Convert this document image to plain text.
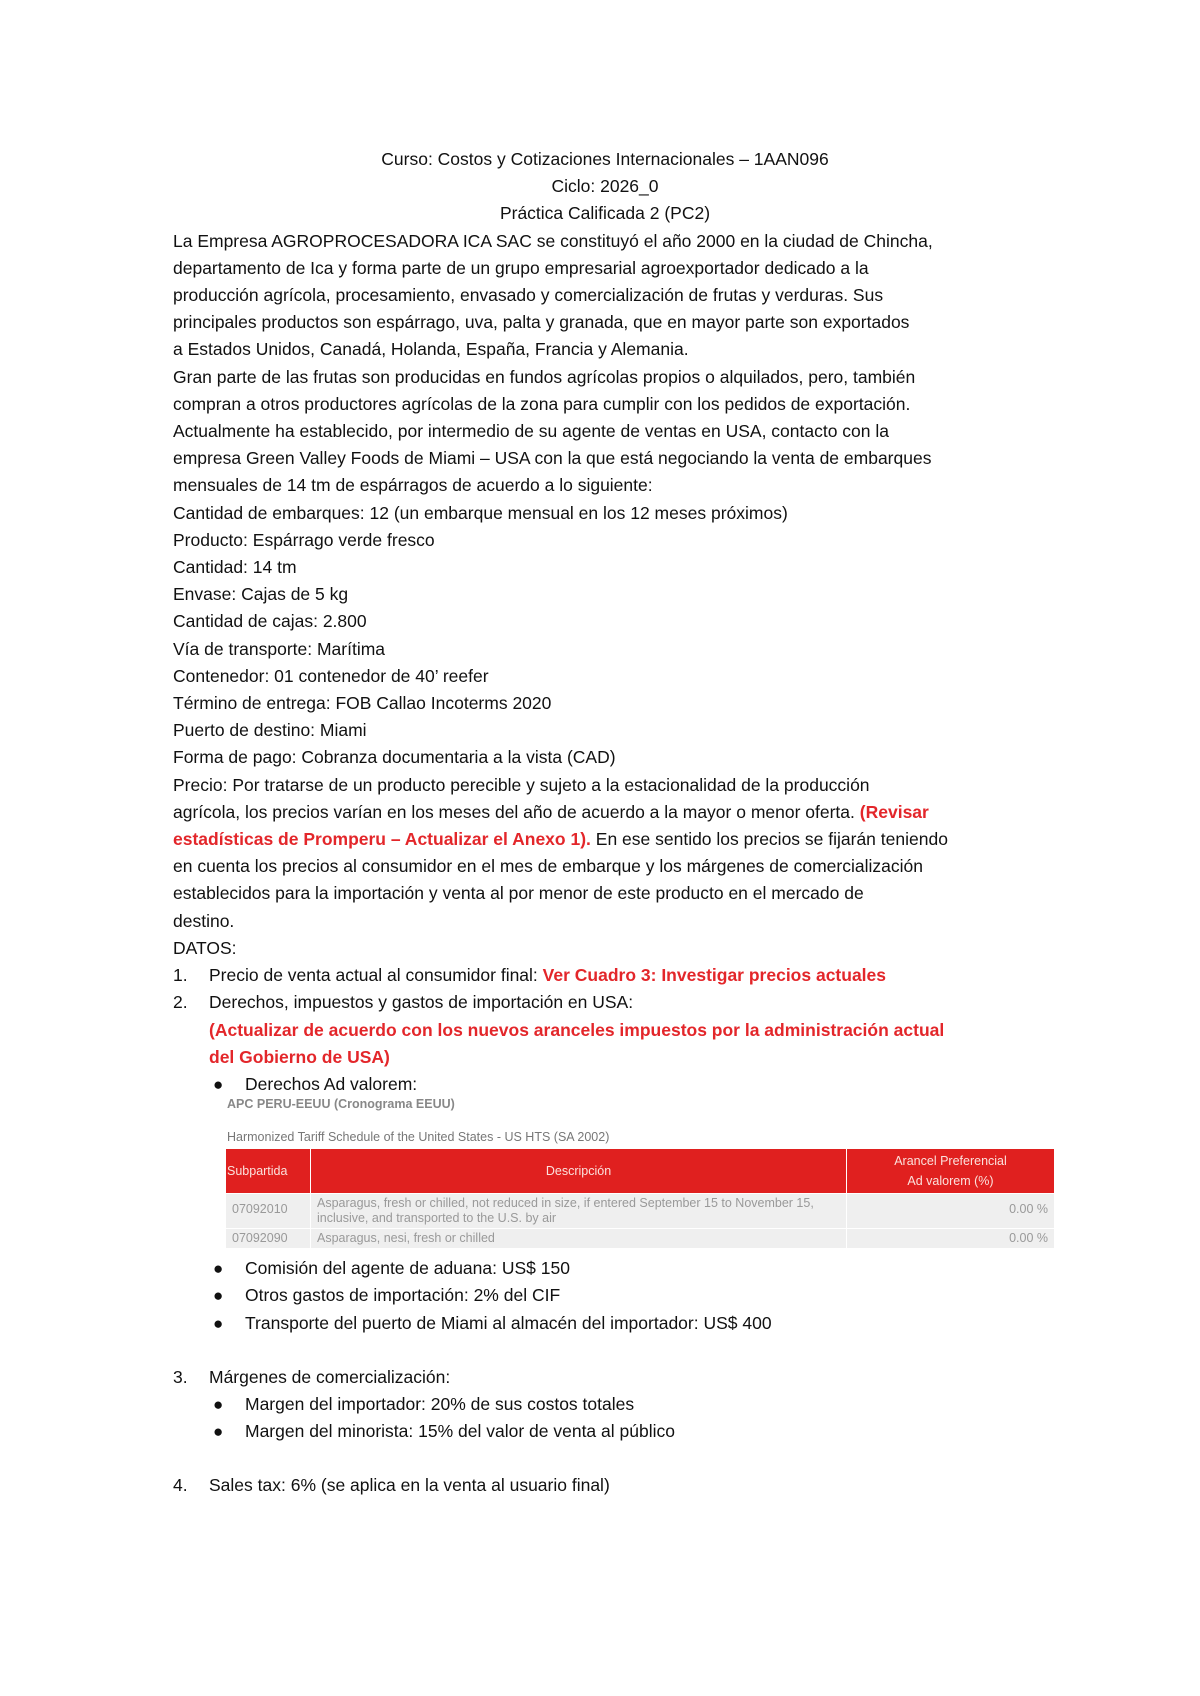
Curso: Costos y Cotizaciones Internacionales – 1AAN096
Ciclo: 2026_0
Práctica Calificada 2 (PC2)
La Empresa AGROPROCESADORA ICA SAC se constituyó el año 2000 en la ciudad de Chincha,
departamento de Ica y forma parte de un grupo empresarial agroexportador dedicado a la
producción agrícola, procesamiento, envasado y comercialización de frutas y verduras. Sus
principales productos son espárrago, uva, palta y granada, que en mayor parte son exportados
a Estados Unidos, Canadá, Holanda, España, Francia y Alemania.
Gran parte de las frutas son producidas en fundos agrícolas propios o alquilados, pero, también
compran a otros productores agrícolas de la zona para cumplir con los pedidos de exportación.
Actualmente ha establecido, por intermedio de su agente de ventas en USA, contacto con la
empresa Green Valley Foods de Miami – USA con la que está negociando la venta de embarques
mensuales de 14 tm de espárragos de acuerdo a lo siguiente:
Cantidad de embarques: 12 (un embarque mensual en los 12 meses próximos)
Producto: Espárrago verde fresco
Cantidad: 14 tm
Envase: Cajas de 5 kg
Cantidad de cajas: 2.800
Vía de transporte: Marítima
Contenedor: 01 contenedor de 40’ reefer
Término de entrega: FOB Callao Incoterms 2020
Puerto de destino: Miami
Forma de pago: Cobranza documentaria a la vista (CAD)
Precio: Por tratarse de un producto perecible y sujeto a la estacionalidad de la producción
agrícola, los precios varían en los meses del año de acuerdo a la mayor o menor oferta. (Revisar
estadísticas de Promperu – Actualizar el Anexo 1). En ese sentido los precios se fijarán teniendo
en cuenta los precios al consumidor en el mes de embarque y los márgenes de comercialización
establecidos para la importación y venta al por menor de este producto en el mercado de
destino.
DATOS:
1. Precio de venta actual al consumidor final: Ver Cuadro 3: Investigar precios actuales
2. Derechos, impuestos y gastos de importación en USA:
(Actualizar de acuerdo con los nuevos aranceles impuestos por la administración actual
del Gobierno de USA)
● Derechos Ad valorem:
APC PERU-EEUU (Cronograma EEUU)
Harmonized Tariff Schedule of the United States - US HTS (SA 2002)
Subpartida	Descripción	Arancel Preferencial
Ad valorem (%)

07092010	Asparagus, fresh or chilled, not reduced in size, if entered September 15 to November 15,
inclusive, and transported to the U.S. by air	0.00 %
07092090	Asparagus, nesi, fresh or chilled	0.00 %
● Comisión del agente de aduana: US$ 150
● Otros gastos de importación: 2% del CIF
● Transporte del puerto de Miami al almacén del importador: US$ 400
3. Márgenes de comercialización:
● Margen del importador: 20% de sus costos totales
● Margen del minorista: 15% del valor de venta al público
4. Sales tax: 6% (se aplica en la venta al usuario final)
